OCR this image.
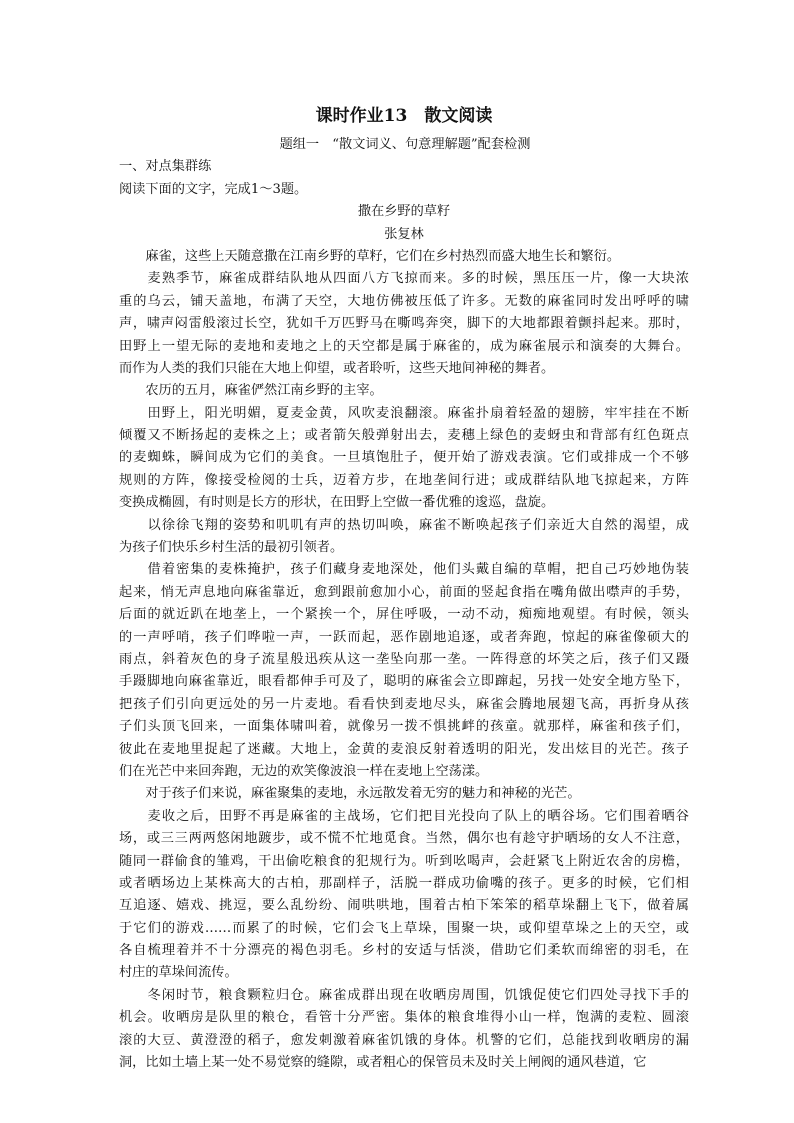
课时作业13　散文阅读

题组一　“散文词义、句意理解题”配套检测

一、对点集群练

阅读下面的文字，完成1～3题。

撒在乡野的草籽

张复林

　　麻雀，这些上天随意撒在江南乡野的草籽，它们在乡村热烈而盛大地生长和繁衍。

　　麦熟季节，麻雀成群结队地从四面八方飞掠而来。多的时候，黑压压一片，像一大块浓

重的乌云，铺天盖地，布满了天空，大地仿佛被压低了许多。无数的麻雀同时发出呼呼的啸

声，啸声闷雷般滚过长空，犹如千万匹野马在嘶鸣奔突，脚下的大地都跟着颤抖起来。那时，

田野上一望无际的麦地和麦地之上的天空都是属于麻雀的，成为麻雀展示和演奏的大舞台。

而作为人类的我们只能在大地上仰望，或者聆听，这些天地间神秘的舞者。

　　农历的五月，麻雀俨然江南乡野的主宰。

　　田野上，阳光明媚，夏麦金黄，风吹麦浪翻滚。麻雀扑扇着轻盈的翅膀，牢牢挂在不断

倾覆又不断扬起的麦株之上；或者箭矢般弹射出去，麦穗上绿色的麦蚜虫和背部有红色斑点

的麦蜘蛛，瞬间成为它们的美食。一旦填饱肚子，便开始了游戏表演。它们或排成一个不够

规则的方阵，像接受检阅的士兵，迈着方步，在地垄间行进；或成群结队地飞掠起来，方阵

变换成椭圆，有时则是长方的形状，在田野上空做一番优雅的逡巡，盘旋。

　　以徐徐飞翔的姿势和叽叽有声的热切叫唤，麻雀不断唤起孩子们亲近大自然的渴望，成

为孩子们快乐乡村生活的最初引领者。

　　借着密集的麦株掩护，孩子们藏身麦地深处，他们头戴自编的草帽，把自己巧妙地伪装

起来，悄无声息地向麻雀靠近，愈到跟前愈加小心，前面的竖起食指在嘴角做出噤声的手势，

后面的就近趴在地垄上，一个紧挨一个，屏住呼吸，一动不动，痴痴地观望。有时候，领头

的一声呼哨，孩子们哗啦一声，一跃而起，恶作剧地追逐，或者奔跑，惊起的麻雀像硕大的

雨点，斜着灰色的身子流星般迅疾从这一垄坠向那一垄。一阵得意的坏笑之后，孩子们又蹑

手蹑脚地向麻雀靠近，眼看都伸手可及了，聪明的麻雀会立即蹿起，另找一处安全地方坠下，

把孩子们引向更远处的另一片麦地。看看快到麦地尽头，麻雀会腾地展翅飞高，再折身从孩

子们头顶飞回来，一面集体啸叫着，就像另一拨不惧挑衅的孩童。就那样，麻雀和孩子们，

彼此在麦地里捉起了迷藏。大地上，金黄的麦浪反射着透明的阳光，发出炫目的光芒。孩子

们在光芒中来回奔跑，无边的欢笑像波浪一样在麦地上空荡漾。

　　对于孩子们来说，麻雀聚集的麦地，永远散发着无穷的魅力和神秘的光芒。

　　麦收之后，田野不再是麻雀的主战场，它们把目光投向了队上的晒谷场。它们围着晒谷

场，或三三两两悠闲地踱步，或不慌不忙地觅食。当然，偶尔也有趁守护晒场的女人不注意，

随同一群偷食的雏鸡，干出偷吃粮食的犯规行为。听到吆喝声，会赶紧飞上附近农舍的房檐，

或者晒场边上某株高大的古柏，那副样子，活脱一群成功偷嘴的孩子。更多的时候，它们相

互追逐、嬉戏、挑逗，要么乱纷纷、闹哄哄地，围着古柏下笨笨的稻草垛翻上飞下，做着属

于它们的游戏……而累了的时候，它们会飞上草垛，围聚一块，或仰望草垛之上的天空，或

各自梳理着并不十分漂亮的褐色羽毛。乡村的安适与恬淡，借助它们柔软而绵密的羽毛，在

村庄的草垛间流传。

　　冬闲时节，粮食颗粒归仓。麻雀成群出现在收晒房周围，饥饿促使它们四处寻找下手的

机会。收晒房是队里的粮仓，看管十分严密。集体的粮食堆得小山一样，饱满的麦粒、圆滚

滚的大豆、黄澄澄的稻子，愈发刺激着麻雀饥饿的身体。机警的它们，总能找到收晒房的漏

洞，比如土墙上某一处不易觉察的缝隙，或者粗心的保管员未及时关上闸阀的通风巷道，它
